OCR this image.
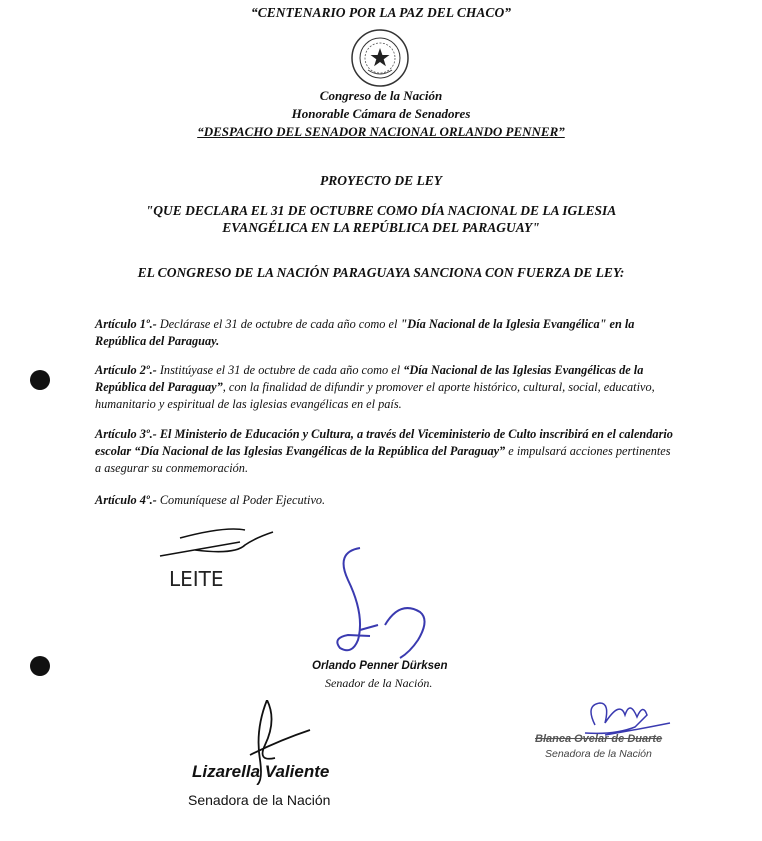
“CENTENARIO POR LA PAZ DEL CHACO”
Congreso de la Nación
Honorable Cámara de Senadores
“DESPACHO DEL SENADOR NACIONAL ORLANDO PENNER”
PROYECTO DE LEY
"QUE DECLARA EL 31 DE OCTUBRE COMO DÍA NACIONAL DE LA IGLESIA
EVANGÉLICA EN LA REPÚBLICA DEL PARAGUAY"
EL CONGRESO DE LA NACIÓN PARAGUAYA SANCIONA CON FUERZA DE LEY:
Artículo 1º.- Declárase el 31 de octubre de cada año como el "Día Nacional de la Iglesia Evangélica" en la República del Paraguay.
Artículo 2º.- Institúyase el 31 de octubre de cada año como el “Día Nacional de las Iglesias Evangélicas de la República del Paraguay”, con la finalidad de difundir y promover el aporte histórico, cultural, social, educativo, humanitario y espiritual de las iglesias evangélicas en el país.
Artículo 3º.- El Ministerio de Educación y Cultura, a través del Viceministerio de Culto inscribirá en el calendario escolar “Día Nacional de las Iglesias Evangélicas de la República del Paraguay” e impulsará acciones pertinentes a asegurar su conmemoración.
Artículo 4º.- Comuníquese al Poder Ejecutivo.
LEITE
Orlando Penner Dürksen
Senador de la Nación.
Lizarella Valiente
Senadora de la Nación
Blanca Ovelar de Duarte
Senadora de la Nación
